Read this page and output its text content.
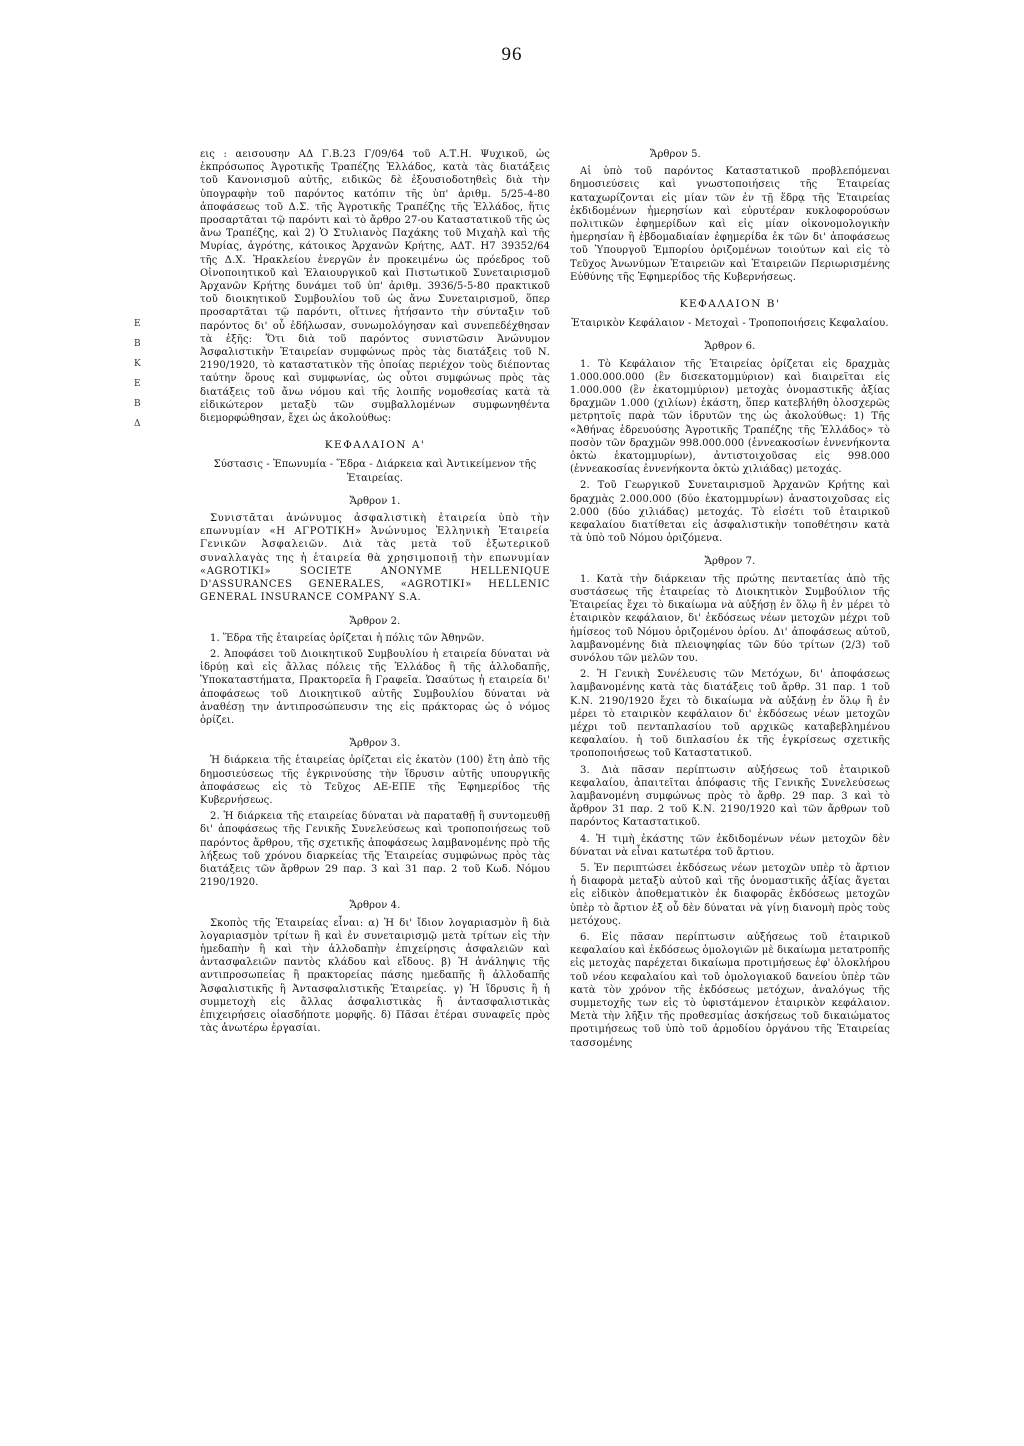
96
Ε
Β
Κ
Ε
Β
Δ

εις : αεισουσην ΑΔ Γ.Β.23 Γ/09/64 τοῦ Α.Τ.Η. Ψυχικοῦ, ὡς ἐκπρόσωπος Ἀγροτικῆς Τραπέζης Ἑλλάδος, κατὰ τὰς διατάξεις τοῦ Κανονισμοῦ αὐτῆς, ειδικῶς δὲ ἐξουσιοδοτηθεὶς διὰ τὴν ὑπογραφὴν τοῦ παρόντος κατόπιν τῆς ὑπ' ἀριθμ. 5/25-4-80 ἀποφάσεως τοῦ Δ.Σ. τῆς Ἀγροτικῆς Τραπέζης τῆς Ἑλλάδος, ἥτις προσαρτᾶται τῷ παρόντι καὶ τὸ ἄρθρο 27-ου Καταστατικοῦ τῆς ὡς ἄνω Τραπέζης, καὶ 2) Ὁ Στυλιανὸς Παχάκης τοῦ Μιχαὴλ καὶ τῆς Μυρίας, ἀγρότης, κάτοικος Ἀρχανῶν Κρήτης, ΑΔΤ. Η7 39352/64 τῆς Δ.Χ. Ἡρακλείου ἐνεργῶν ἐν προκειμένω ὡς πρόεδρος τοῦ Οἰνοποιητικοῦ καὶ Ἐλαιουργικοῦ καὶ Πιστωτικοῦ Συνεταιρισμοῦ Ἀρχανῶν Κρήτης δυνάμει τοῦ ὑπ' ἀριθμ. 3936/5-5-80 πρακτικοῦ τοῦ διοικητικοῦ Συμβουλίου τοῦ ὡς ἄνω Συνεταιρισμοῦ, ὅπερ προσαρτᾶται τῷ παρόντι, οἵτινες ἠτήσαντο τὴν σύνταξιν τοῦ παρόντος δι' οὗ ἐδήλωσαν, συνωμολόγησαν καὶ συνεπεδέχθησαν τὰ ἑξῆς: Ὅτι διὰ τοῦ παρόντος συνιστῶσιν Ἀνώνυμον Ἀσφαλιστικὴν Ἑταιρείαν συμφώνως πρὸς τὰς διατάξεις τοῦ Ν. 2190/1920, τὸ καταστατικὸν τῆς ὁποίας περιέχον τοὺς διέποντας ταύτην ὅρους καὶ συμφωνίας, ὡς οὗτοι συμφώνως πρὸς τὰς διατάξεις τοῦ ἄνω νόμου καὶ τῆς λοιπῆς νομοθεσίας κατὰ τὰ εἰδικώτερον μεταξὺ τῶν συμβαλλομένων συμφωνηθέντα διεμορφώθησαν, ἔχει ὡς ἀκολούθως:

ΚΕΦΑΛΑΙΟΝ Α'
Σύστασις - Ἐπωνυμία - Ἕδρα - Διάρκεια καὶ Ἀντικείμενον τῆς Ἑταιρείας.
Ἄρθρον 1.

Συνιστᾶται ἀνώνυμος ἀσφαλιστικὴ ἑταιρεία ὑπὸ τὴν επωνυμίαν «Η ΑΓΡΟΤΙΚΗ» Ἀνώνυμος Ἑλληνικὴ Ἑταιρεία Γενικῶν Ἀσφαλειῶν. Διὰ τὰς μετὰ τοῦ ἐξωτερικοῦ συναλλαγὰς της ἡ ἑταιρεία θὰ χρησιμοποιῇ τὴν επωνυμίαν «AGROTIKI» SOCIETE ANONYME HELLENIQUE D'ASSURANCES GENERALES, «AGROTIKI» HELLENIC GENERAL INSURANCE COMPANY S.A.

Ἄρθρον 2.

1. Ἕδρα τῆς ἑταιρείας ὁρίζεται ἡ πόλις τῶν Ἀθηνῶν.

2. Ἀποφάσει τοῦ Διοικητικοῦ Συμβουλίου ἡ εταιρεία δύναται νὰ ἱδρύῃ καὶ εἰς ἄλλας πόλεις τῆς Ἑλλάδος ἢ τῆς ἀλλοδαπῆς, Ὑποκαταστήματα, Πρακτορεῖα ἢ Γραφεῖα. Ὡσαύτως ἡ εταιρεία δι' ἀποφάσεως τοῦ Διοικητικοῦ αὐτῆς Συμβουλίου δύναται νὰ ἀναθέσῃ την ἀντιπροσώπευσιν της εἰς πράκτορας ὡς ὁ νόμος ὁρίζει.

Ἄρθρον 3.

Ἡ διάρκεια τῆς ἑταιρείας ὁρίζεται εἰς ἑκατὸν (100) ἔτη ἀπὸ τῆς δημοσιεύσεως τῆς ἐγκρινούσης τὴν ἵδρυσιν αὐτῆς υπουργικῆς ἀποφάσεως εἰς τὸ Τεῦχος ΑΕ-ΕΠΕ τῆς Ἐφημερίδος τῆς Κυβερνήσεως.

2. Ἡ διάρκεια τῆς εταιρείας δύναται νὰ παραταθῇ ἢ συντομευθῇ δι' ἀποφάσεως τῆς Γενικῆς Συνελεύσεως καὶ τροποποιήσεως τοῦ παρόντος ἄρθρου, τῆς σχετικῆς ἀποφάσεως λαμβανομένης πρὸ τῆς λήξεως τοῦ χρόνου διαρκείας τῆς Ἑταιρείας συμφώνως πρὸς τὰς διατάξεις τῶν ἄρθρων 29 παρ. 3 καὶ 31 παρ. 2 τοῦ Κωδ. Νόμου 2190/1920.

Ἄρθρον 4.

Σκοπὸς τῆς Ἑταιρείας εἶναι: α) Ἡ δι' ἴδιον λογαριασμὸν ἢ διὰ λογαριασμὸν τρίτων ἢ καὶ ἐν συνεταιρισμῷ μετὰ τρίτων εἰς τὴν ἡμεδαπὴν ἢ καὶ τὴν ἀλλοδαπὴν ἐπιχείρησις ἀσφαλειῶν καὶ ἀντασφαλειῶν παντὸς κλάδου καὶ εἴδους. β) Ἡ ἀνάληψις τῆς αντιπροσωπείας ἢ πρακτορείας πάσης ημεδαπῆς ἢ ἀλλοδαπῆς Ἀσφαλιστικῆς ἢ Ἀντασφαλιστικῆς Ἑταιρείας. γ) Ἡ ἵδρυσις ἢ ἡ συμμετοχὴ εἰς ἄλλας ἀσφαλιστικὰς ἢ ἀντασφαλιστικὰς ἐπιχειρήσεις οἱασδήποτε μορφῆς. δ) Πᾶσαι ἐτέραι συναφεῖς πρὸς τὰς ἀνωτέρω ἐργασίαι.

Ἄρθρον 5.

Αἱ ὑπὸ τοῦ παρόντος Καταστατικοῦ προβλεπόμεναι δημοσιεύσεις καὶ γνωστοποιήσεις τῆς Ἑταιρείας καταχωρίζονται εἰς μίαν τῶν ἐν τῇ ἕδρᾳ τῆς Ἑταιρείας ἐκδιδομένων ἡμερησίων καὶ εὐρυτέραν κυκλοφορούσων πολιτικῶν ἐφημερίδων καὶ εἰς μίαν οἰκονομολογικὴν ἡμερησίαν ἢ ἑβδομαδιαίαν ἐφημερίδα ἐκ τῶν δι' ἀποφάσεως τοῦ Ὑπουργοῦ Ἐμπορίου ὁριζομένων τοιούτων καὶ εἰς τὸ Τεῦχος Ἀνωνύμων Ἑταιρειῶν καὶ Ἑταιρειῶν Περιωρισμένης Εὐθύνης τῆς Ἐφημερίδος τῆς Κυβερνήσεως.

ΚΕΦΑΛΑΙΟΝ Β'
Ἑταιρικὸν Κεφάλαιον - Μετοχαὶ - Τροποποιήσεις Κεφαλαίου.
Ἄρθρον 6.

1. Τὸ Κεφάλαιον τῆς Ἑταιρείας ὁρίζεται εἰς δραχμὰς 1.000.000.000 (ἓν δισεκατομμύριον) καὶ διαιρεῖται εἰς 1.000.000 (ἓν ἑκατομμύριον) μετοχὰς ὀνομαστικῆς ἀξίας δραχμῶν 1.000 (χιλίων) ἑκάστη, ὅπερ κατεβλήθη ὁλοσχερῶς μετρητοῖς παρὰ τῶν ἱδρυτῶν της ὡς ἀκολούθως: 1) Τῆς «Ἀθήνας ἑδρευούσης Ἀγροτικῆς Τραπέζης τῆς Ἑλλάδος» τὸ ποσὸν τῶν δραχμῶν 998.000.000 (ἐννεακοσίων ἐννενήκοντα ὀκτὼ ἑκατομμυρίων), ἀντιστοιχοῦσας εἰς 998.000 (ἐννεακοσίας ἐννενήκοντα ὀκτὼ χιλιάδας) μετοχάς.

2. Τοῦ Γεωργικοῦ Συνεταιρισμοῦ Ἀρχανῶν Κρήτης καὶ δραχμὰς 2.000.000 (δύο ἑκατομμυρίων) ἀναστοιχοῦσας εἰς 2.000 (δύο χιλιάδας) μετοχάς. Τὸ εἰσέτι τοῦ ἑταιρικοῦ κεφαλαίου διατίθεται εἰς ἀσφαλιστικὴν τοποθέτησιν κατὰ τὰ ὑπὸ τοῦ Νόμου ὁριζόμενα.

Ἄρθρον 7.

1. Κατὰ τὴν διάρκειαν τῆς πρώτης πενταετίας ἀπὸ τῆς συστάσεως τῆς ἑταιρείας τὸ Διοικητικὸν Συμβούλιον τῆς Ἑταιρείας ἔχει τὸ δικαίωμα νὰ αὐξήσῃ ἐν ὅλῳ ἢ ἐν μέρει τὸ ἑταιρικὸν κεφάλαιον, δι' ἐκδόσεως νέων μετοχῶν μέχρι τοῦ ἡμίσεος τοῦ Νόμου ὁριζομένου ὁρίου. Δι' ἀποφάσεως αὐτοῦ, λαμβανομένης διὰ πλειοψηφίας τῶν δύο τρίτων (2/3) τοῦ συνόλου τῶν μελῶν του.

2. Ἡ Γενικὴ Συνέλευσις τῶν Μετόχων, δι' ἀποφάσεως λαμβανομένης κατὰ τὰς διατάξεις τοῦ ἄρθρ. 31 παρ. 1 τοῦ Κ.Ν. 2190/1920 ἔχει τὸ δικαίωμα νὰ αὐξάνῃ ἐν ὅλῳ ἢ ἐν μέρει τὸ εταιρικὸν κεφάλαιον δι' ἐκδόσεως νέων μετοχῶν μέχρι τοῦ πενταπλασίου τοῦ αρχικῶς καταβεβλημένου κεφαλαίου. ἡ τοῦ διπλασίου ἐκ τῆς ἐγκρίσεως σχετικῆς τροποποιήσεως τοῦ Καταστατικοῦ.

3. Διὰ πᾶσαν περίπτωσιν αὐξήσεως τοῦ ἑταιρικοῦ κεφαλαίου, ἀπαιτεῖται ἀπόφασις τῆς Γενικῆς Συνελεύσεως λαμβανομένη συμφώνως πρὸς τὸ ἄρθρ. 29 παρ. 3 καὶ τὸ ἄρθρον 31 παρ. 2 τοῦ Κ.Ν. 2190/1920 καὶ τῶν ἄρθρων τοῦ παρόντος Καταστατικοῦ.

4. Ἡ τιμὴ ἐκάστης τῶν ἐκδιδομένων νέων μετοχῶν δὲν δύναται νὰ εἶναι κατωτέρα τοῦ ἄρτιου.

5. Ἐν περιπτώσει ἐκδόσεως νέων μετοχῶν υπὲρ τὸ ἄρτιον ἡ διαφορὰ μεταξὺ αὐτοῦ καὶ τῆς ὀνομαστικῆς ἀξίας ἄγεται εἰς εἰδικὸν ἀποθεματικὸν ἐκ διαφορᾶς ἐκδόσεως μετοχῶν ὑπὲρ τὸ ἄρτιον ἐξ οὗ δὲν δύναται νὰ γίνῃ διανομὴ πρὸς τοὺς μετόχους.

6. Εἰς πᾶσαν περίπτωσιν αὐξήσεως τοῦ ἑταιρικοῦ κεφαλαίου καὶ ἐκδόσεως ὁμολογιῶν μὲ δικαίωμα μετατροπῆς εἰς μετοχὰς παρέχεται δικαίωμα προτιμήσεως ἐφ' ὁλοκλήρου τοῦ νέου κεφαλαίου καὶ τοῦ ὁμολογιακοῦ δανείου ὑπὲρ τῶν κατὰ τὸν χρόνον τῆς ἐκδόσεως μετόχων, ἀναλόγως τῆς συμμετοχῆς των εἰς τὸ ὑφιστάμενον ἑταιρικὸν κεφάλαιον. Μετὰ τὴν λῆξιν τῆς προθεσμίας ἀσκήσεως τοῦ δικαιώματος προτιμήσεως τοῦ ὑπὸ τοῦ ἀρμοδίου ὀργάνου τῆς Ἑταιρείας τασσομένης
